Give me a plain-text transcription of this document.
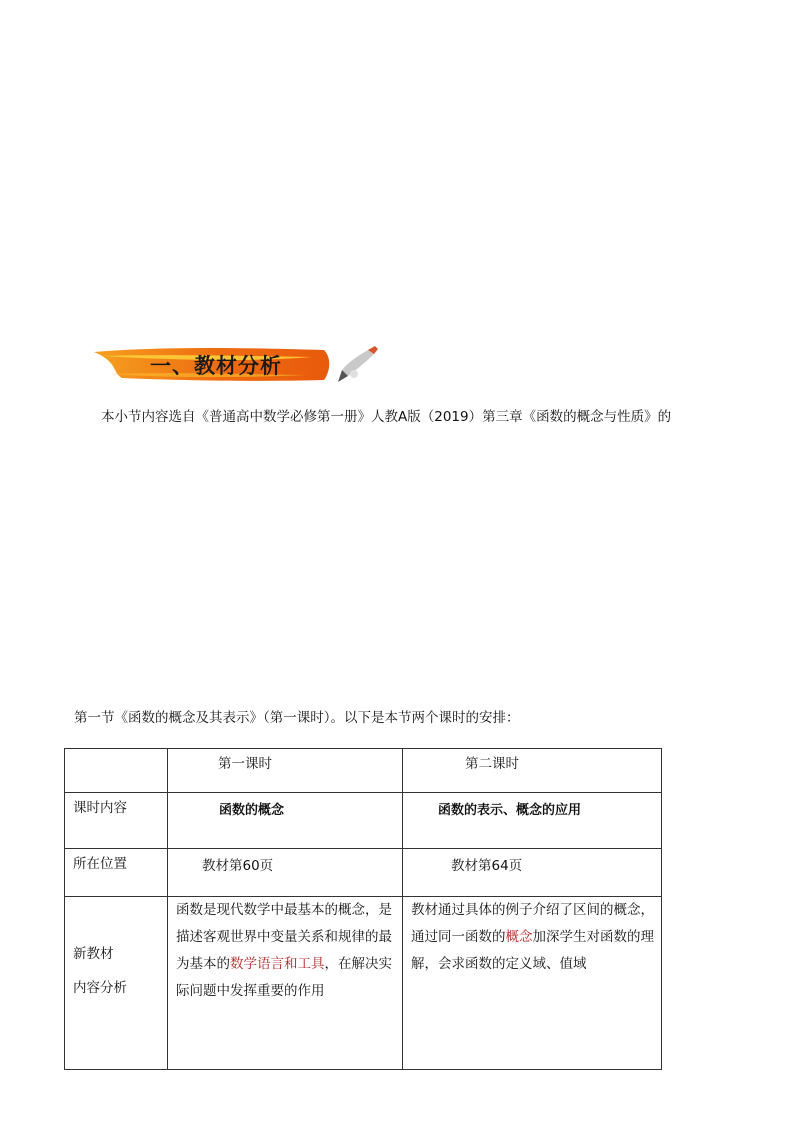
一、教材分析
本小节内容选自《普通高中数学必修第一册》人教A版（2019）第三章《函数的概念与性质》的
第一节《函数的概念及其表示》（第一课时）。以下是本节两个课时的安排：
	第一课时	第二课时
课时内容	函数的概念	函数的表示、概念的应用
所在位置	教材第60页	教材第64页

新教材
内容分析	函数是现代数学中最基本的概念，是描述客观世界中变量关系和规律的最为基本的数学语言和工具，在解决实际问题中发挥重要的作用	教材通过具体的例子介绍了区间的概念，通过同一函数的概念加深学生对函数的理解，会求函数的定义域、值域
